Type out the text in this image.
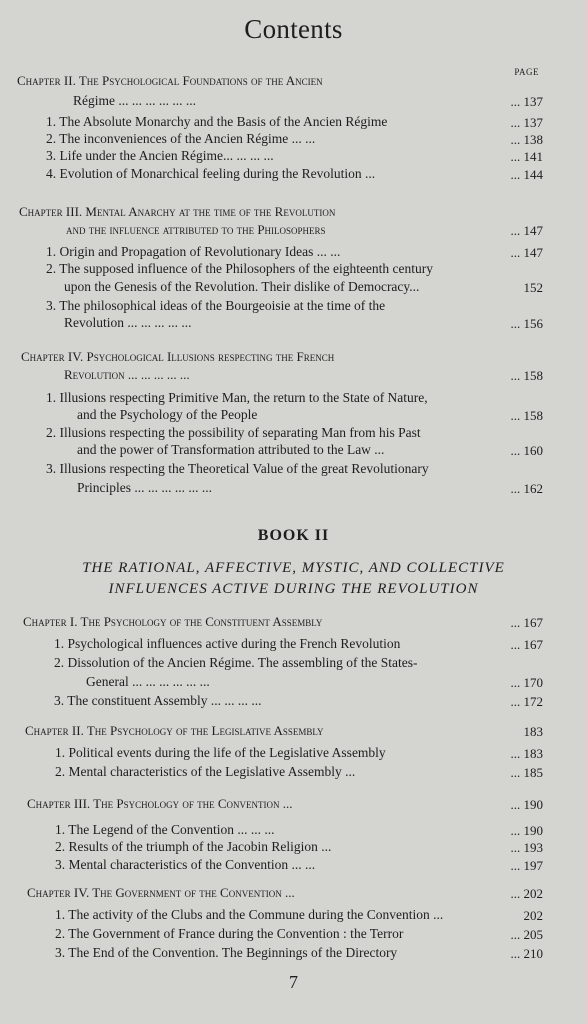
Contents
PAGE
Chapter II. The Psychological Foundations of the Ancien
Régime ... ... ... ... ... ...	... 137
1. The Absolute Monarchy and the Basis of the Ancien Régime	... 137
2. The inconveniences of the Ancien Régime ... ...	... 138
3. Life under the Ancien Régime... ... ... ...	... 141
4. Evolution of Monarchical feeling during the Revolution ...	... 144
Chapter III. Mental Anarchy at the time of the Revolution
and the influence attributed to the Philosophers	... 147
1. Origin and Propagation of Revolutionary Ideas ... ...	... 147
2. The supposed influence of the Philosophers of the eighteenth century
upon the Genesis of the Revolution. Their dislike of Democracy...	152
3. The philosophical ideas of the Bourgeoisie at the time of the
Revolution ... ... ... ... ...	... 156
Chapter IV. Psychological Illusions respecting the French
Revolution ... ... ... ... ...	... 158
1. Illusions respecting Primitive Man, the return to the State of Nature,
and the Psychology of the People	... 158
2. Illusions respecting the possibility of separating Man from his Past
and the power of Transformation attributed to the Law ...	... 160
3. Illusions respecting the Theoretical Value of the great Revolutionary
Principles ... ... ... ... ... ...	... 162
Chapter I. The Psychology of the Constituent Assembly	... 167
1. Psychological influences active during the French Revolution	... 167
2. Dissolution of the Ancien Régime. The assembling of the States-
General ... ... ... ... ... ...	... 170
3. The constituent Assembly ... ... ... ...	... 172
Chapter II. The Psychology of the Legislative Assembly	183
1. Political events during the life of the Legislative Assembly	... 183
2. Mental characteristics of the Legislative Assembly ...	... 185
Chapter III. The Psychology of the Convention ...	... 190
1. The Legend of the Convention ... ... ...	... 190
2. Results of the triumph of the Jacobin Religion ...	... 193
3. Mental characteristics of the Convention ... ...	... 197
Chapter IV. The Government of the Convention ...	... 202
1. The activity of the Clubs and the Commune during the Convention ...	202
2. The Government of France during the Convention : the Terror	... 205
3. The End of the Convention. The Beginnings of the Directory	... 210
BOOK II
THE RATIONAL, AFFECTIVE, MYSTIC, AND COLLECTIVE
INFLUENCES ACTIVE DURING THE REVOLUTION
7
